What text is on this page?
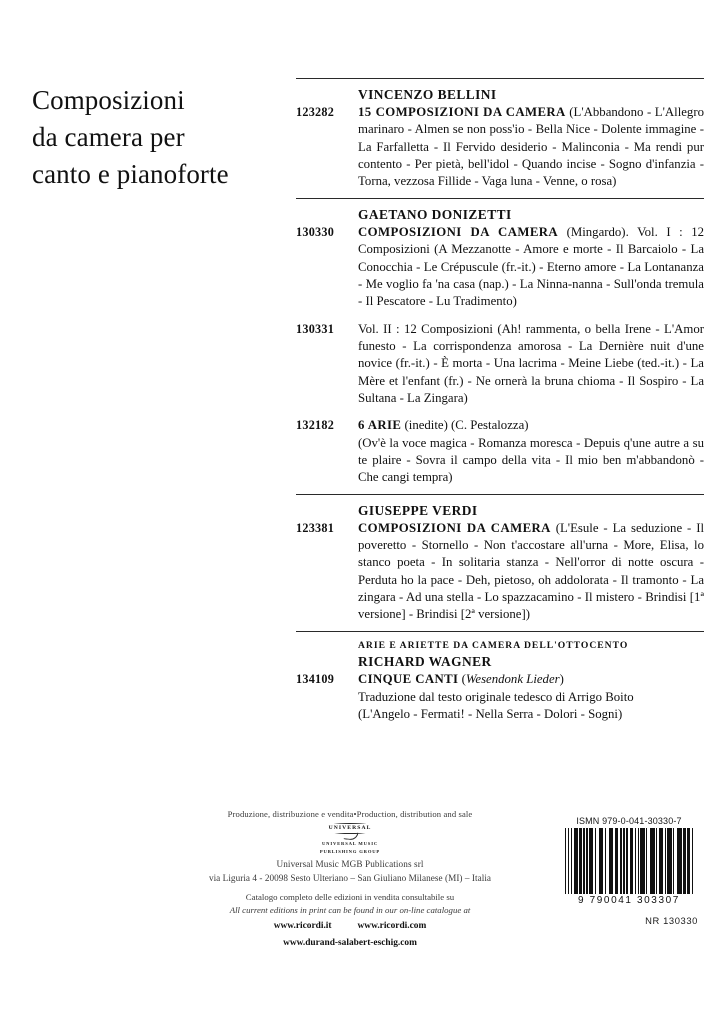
Composizioni
da camera per
canto e pianoforte
VINCENZO BELLINI
123282	15 COMPOSIZIONI DA CAMERA (L'Abbandono - L'Allegro marinaro - Almen se non poss'io - Bella Nice - Dolente immagine - La Farfalletta - Il Fervido desiderio - Malinconia - Ma rendi pur contento - Per pietà, bell'idol - Quando incise - Sogno d'infanzia - Torna, vezzosa Fillide - Vaga luna - Venne, o rosa)
GAETANO DONIZETTI
130330	COMPOSIZIONI DA CAMERA (Mingardo). Vol. I : 12 Composizioni (A Mezzanotte - Amore e morte - Il Barcaiolo - La Conocchia - Le Crépuscule (fr.-it.) - Eterno amore - La Lontananza - Me voglio fa 'na casa (nap.) - La Ninna-nanna - Sull'onda tremula - Il Pescatore - Lu Tradimento)
130331	Vol. II : 12 Composizioni (Ah! rammenta, o bella Irene - L'Amor funesto - La corrispondenza amorosa - La Dernière nuit d'une novice (fr.-it.) - È morta - Una lacrima - Meine Liebe (ted.-it.) - La Mère et l'enfant (fr.) - Ne ornerà la bruna chioma - Il Sospiro - La Sultana - La Zingara)
132182	6 ARIE (inedite) (C. Pestalozza)
(Ov'è la voce magica - Romanza moresca - Depuis q'une autre a su te plaire - Sovra il campo della vita - Il mio ben m'abbandonò - Che cangi tempra)
GIUSEPPE VERDI
123381	COMPOSIZIONI DA CAMERA (L'Esule - La seduzione - Il poveretto - Stornello - Non t'accostare all'urna - More, Elisa, lo stanco poeta - In solitaria stanza - Nell'orror di notte oscura - Perduta ho la pace - Deh, pietoso, oh addolorata - Il tramonto - La zingara - Ad una stella - Lo spazzacamino - Il mistero - Brindisi [1ª versione] - Brindisi [2ª versione])
ARIE E ARIETTE DA CAMERA DELL'OTTOCENTO
RICHARD WAGNER
134109	CINQUE CANTI (Wesendonk Lieder)
Traduzione dal testo originale tedesco di Arrigo Boito
(L'Angelo - Fermati! - Nella Serra - Dolori - Sogni)
Produzione, distribuzione e vendita•Production, distribution and sale
UNIVERSAL
UNIVERSAL MUSIC
PUBLISHING GROUP
Universal Music MGB Publications srl
via Liguria 4 - 20098 Sesto Ulteriano – San Giuliano Milanese (MI) – Italia
Catalogo completo delle edizioni in vendita consultabile su
All current editions in print can be found in our on-line catalogue at
www.ricordi.it	www.ricordi.com
www.durand-salabert-eschig.com
ISMN 979-0-041-30330-7
9 790041 303307
NR 130330
